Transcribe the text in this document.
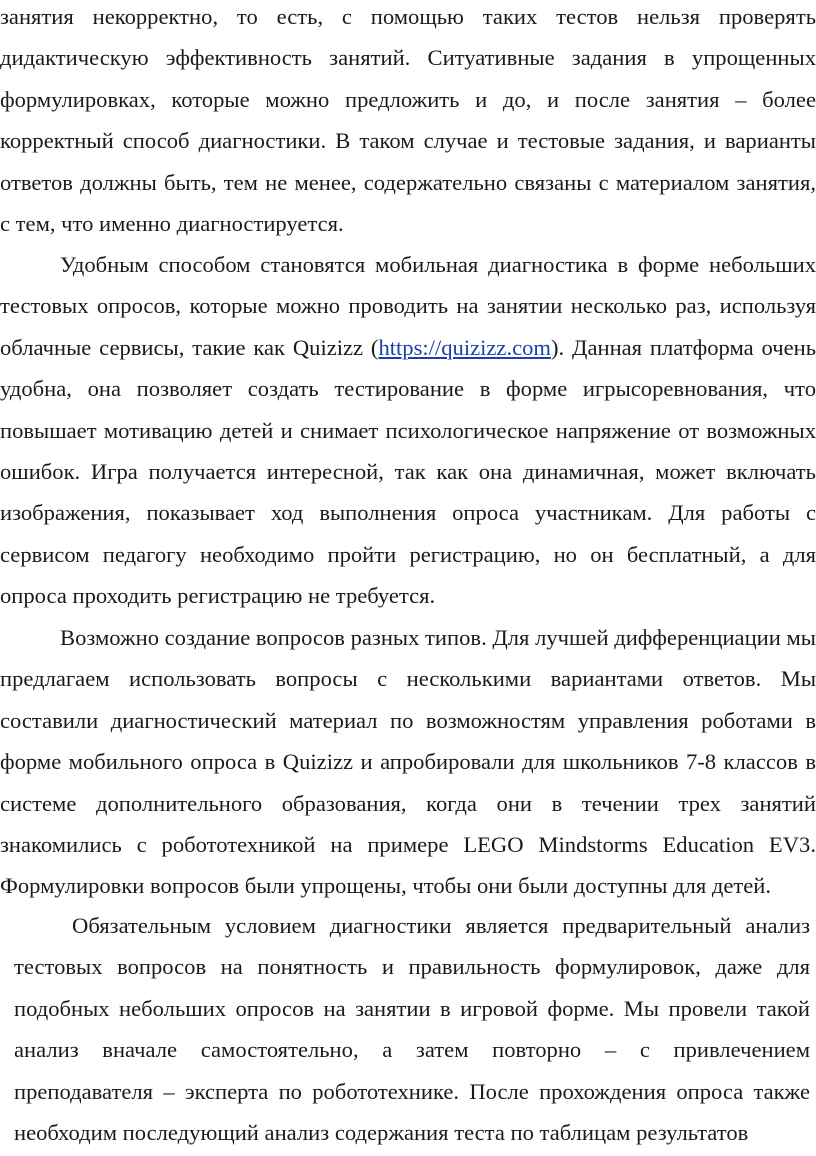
занятия некорректно, то есть, с помощью таких тестов нельзя проверять дидактическую эффективность занятий. Ситуативные задания в упрощенных формулировках, которые можно предложить и до, и после занятия – более корректный способ диагностики. В таком случае и тестовые задания, и варианты ответов должны быть, тем не менее, содержательно связаны с материалом занятия, с тем, что именно диагностируется.

Удобным способом становятся мобильная диагностика в форме небольших тестовых опросов, которые можно проводить на занятии несколько раз, используя облачные сервисы, такие как Quizizz (https://quizizz.com). Данная платформа очень удобна, она позволяет создать тестирование в форме игрысоревнования, что повышает мотивацию детей и снимает психологическое напряжение от возможных ошибок. Игра получается интересной, так как она динамичная, может включать изображения, показывает ход выполнения опроса участникам. Для работы с сервисом педагогу необходимо пройти регистрацию, но он бесплатный, а для опроса проходить регистрацию не требуется.

Возможно создание вопросов разных типов. Для лучшей дифференциации мы предлагаем использовать вопросы с несколькими вариантами ответов. Мы составили диагностический материал по возможностям управления роботами в форме мобильного опроса в Quizizz и апробировали для школьников 7-8 классов в системе дополнительного образования, когда они в течении трех занятий знакомились с робототехникой на примере LEGO Mindstorms Education EV3. Формулировки вопросов были упрощены, чтобы они были доступны для детей.

Обязательным условием диагностики является предварительный анализ тестовых вопросов на понятность и правильность формулировок, даже для подобных небольших опросов на занятии в игровой форме. Мы провели такой анализ вначале самостоятельно, а затем повторно – с привлечением преподавателя – эксперта по робототехнике. После прохождения опроса также необходим последующий анализ содержания теста по таблицам результатов
